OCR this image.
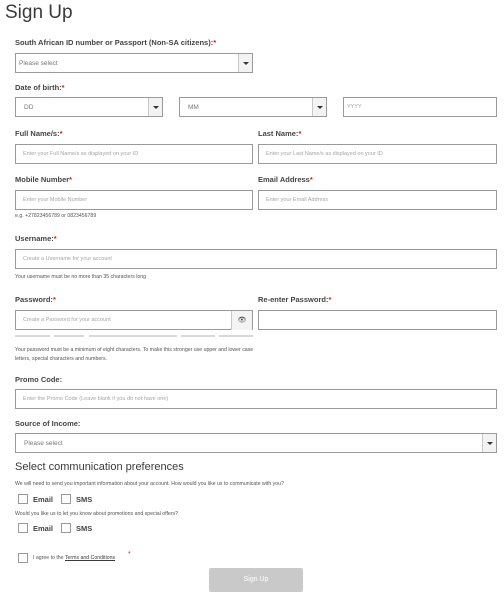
Sign Up
South African ID number or Passport (Non-SA citizens):*
Please select
Date of birth:*
DD	MM	YYYY
Full Name/s:*
Enter your Full Name/s as displayed on your ID
Last Name:*
Enter your Last Name/s as displayed on your ID
Mobile Number*
Enter your Mobile Number
e.g. +27823456789 or 0823456789
Email Address*
Enter your Email Address
Username:*
Create a Username for your account
Your username must be no more than 35 characters long
Password:*
Create a Password for your account	👁
Your password must be a minimum of eight characters. To make this stronger use upper and lower case letters, special characters and numbers.
Re-enter Password:*
Promo Code:
Enter the Promo Code (Leave blank if you do not have one)
Source of Income:
Please select
Select communication preferences
We will need to send you important information about your account. How would you like us to communicate with you?
Email	SMS
Would you like us to let you know about promotions and special offers?
Email	SMS
I agree to the Terms and Conditions *
Sign Up
